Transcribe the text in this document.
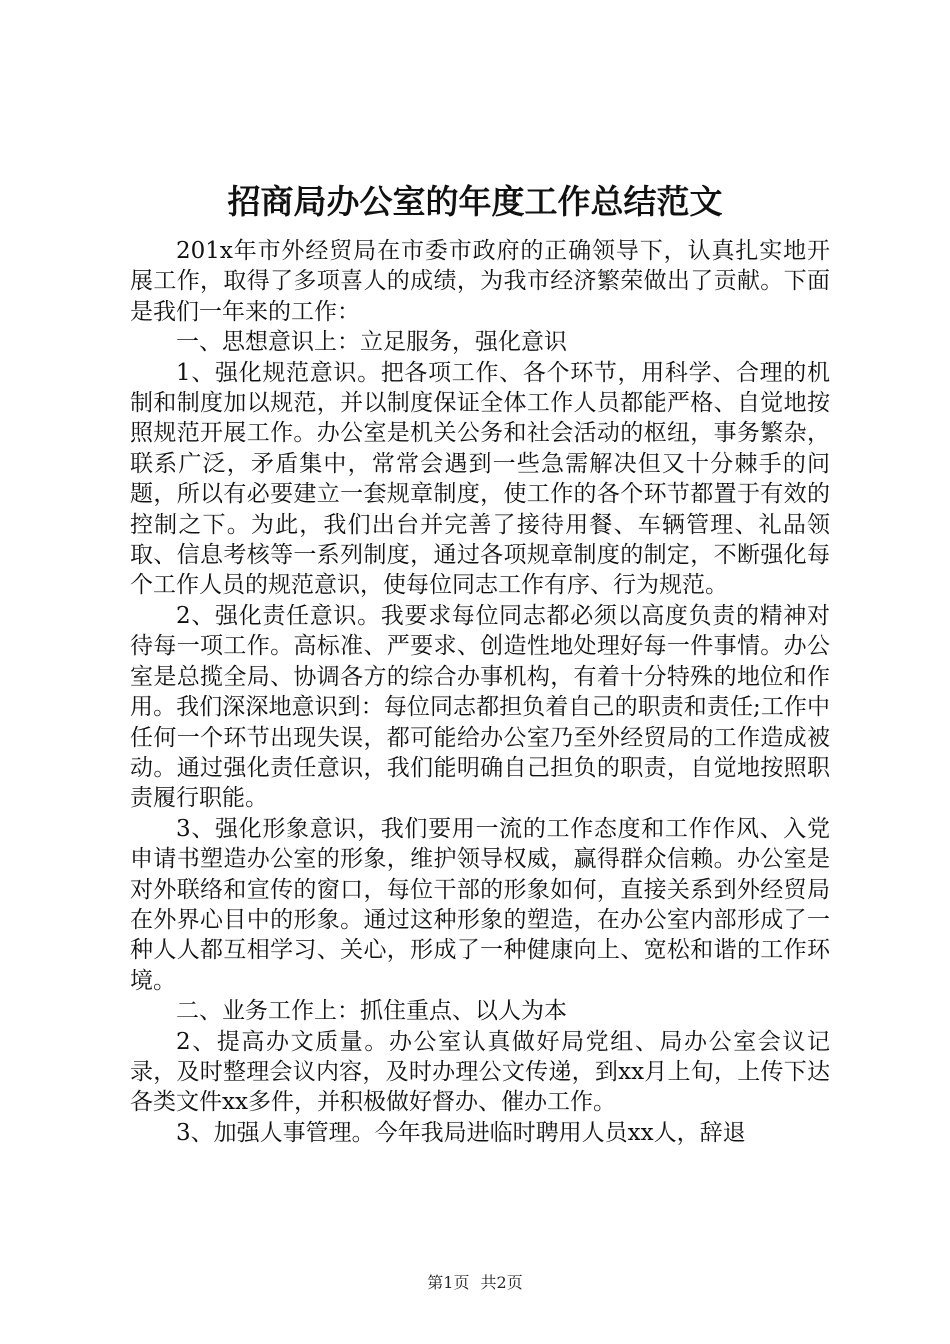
招商局办公室的年度工作总结范文

201x年市外经贸局在市委市政府的正确领导下，认真扎实地开展工作，取得了多项喜人的成绩，为我市经济繁荣做出了贡献。下面是我们一年来的工作：

一、思想意识上：立足服务，强化意识

1、强化规范意识。把各项工作、各个环节，用科学、合理的机制和制度加以规范，并以制度保证全体工作人员都能严格、自觉地按照规范开展工作。办公室是机关公务和社会活动的枢纽，事务繁杂，联系广泛，矛盾集中，常常会遇到一些急需解决但又十分棘手的问题，所以有必要建立一套规章制度，使工作的各个环节都置于有效的控制之下。为此，我们出台并完善了接待用餐、车辆管理、礼品领取、信息考核等一系列制度，通过各项规章制度的制定，不断强化每个工作人员的规范意识，使每位同志工作有序、行为规范。

2、强化责任意识。我要求每位同志都必须以高度负责的精神对待每一项工作。高标准、严要求、创造性地处理好每一件事情。办公室是总揽全局、协调各方的综合办事机构，有着十分特殊的地位和作用。我们深深地意识到：每位同志都担负着自己的职责和责任;工作中任何一个环节出现失误，都可能给办公室乃至外经贸局的工作造成被动。通过强化责任意识，我们能明确自己担负的职责，自觉地按照职责履行职能。

3、强化形象意识，我们要用一流的工作态度和工作作风、入党申请书塑造办公室的形象，维护领导权威，赢得群众信赖。办公室是对外联络和宣传的窗口，每位干部的形象如何，直接关系到外经贸局在外界心目中的形象。通过这种形象的塑造，在办公室内部形成了一种人人都互相学习、关心，形成了一种健康向上、宽松和谐的工作环境。

二、业务工作上：抓住重点、以人为本

2、提高办文质量。办公室认真做好局党组、局办公室会议记录，及时整理会议内容，及时办理公文传递，到xx月上旬，上传下达各类文件xx多件，并积极做好督办、催办工作。

3、加强人事管理。今年我局进临时聘用人员xx人，辞退

第1页 共2页
